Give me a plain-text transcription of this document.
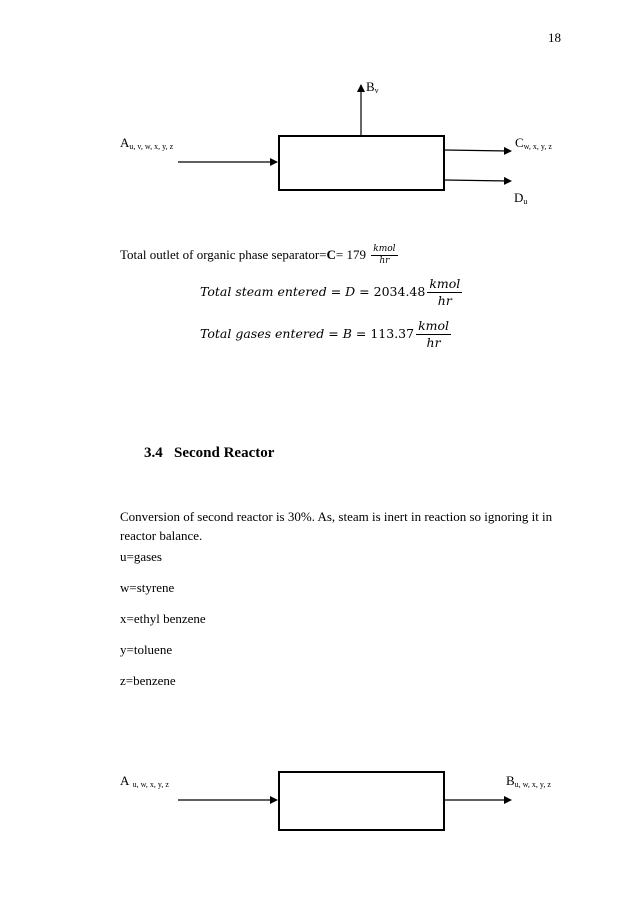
18
$B_v$
$A_{u, v, w, x, y, z}$	$C_{w, x, y, z}$
$D_u$
Total outlet of organic phase separator=C= $179 \frac{\text{kmol}}{hr}$
Total steam entered = $D = 2034.48 \frac{\text{kmol}}{hr}$
Total gases entered = $B = 113.37 \frac{\text{kmol}}{hr}$
3.4 Second Reactor
Conversion of second reactor is 30%. As, steam is inert in reaction so ignoring it in reactor balance.
u=gases
w=styrene
x=ethyl benzene
y=toluene
z=benzene
A $_{u, w, x, y, z}$	$B_{u, w, x, y, z}$
